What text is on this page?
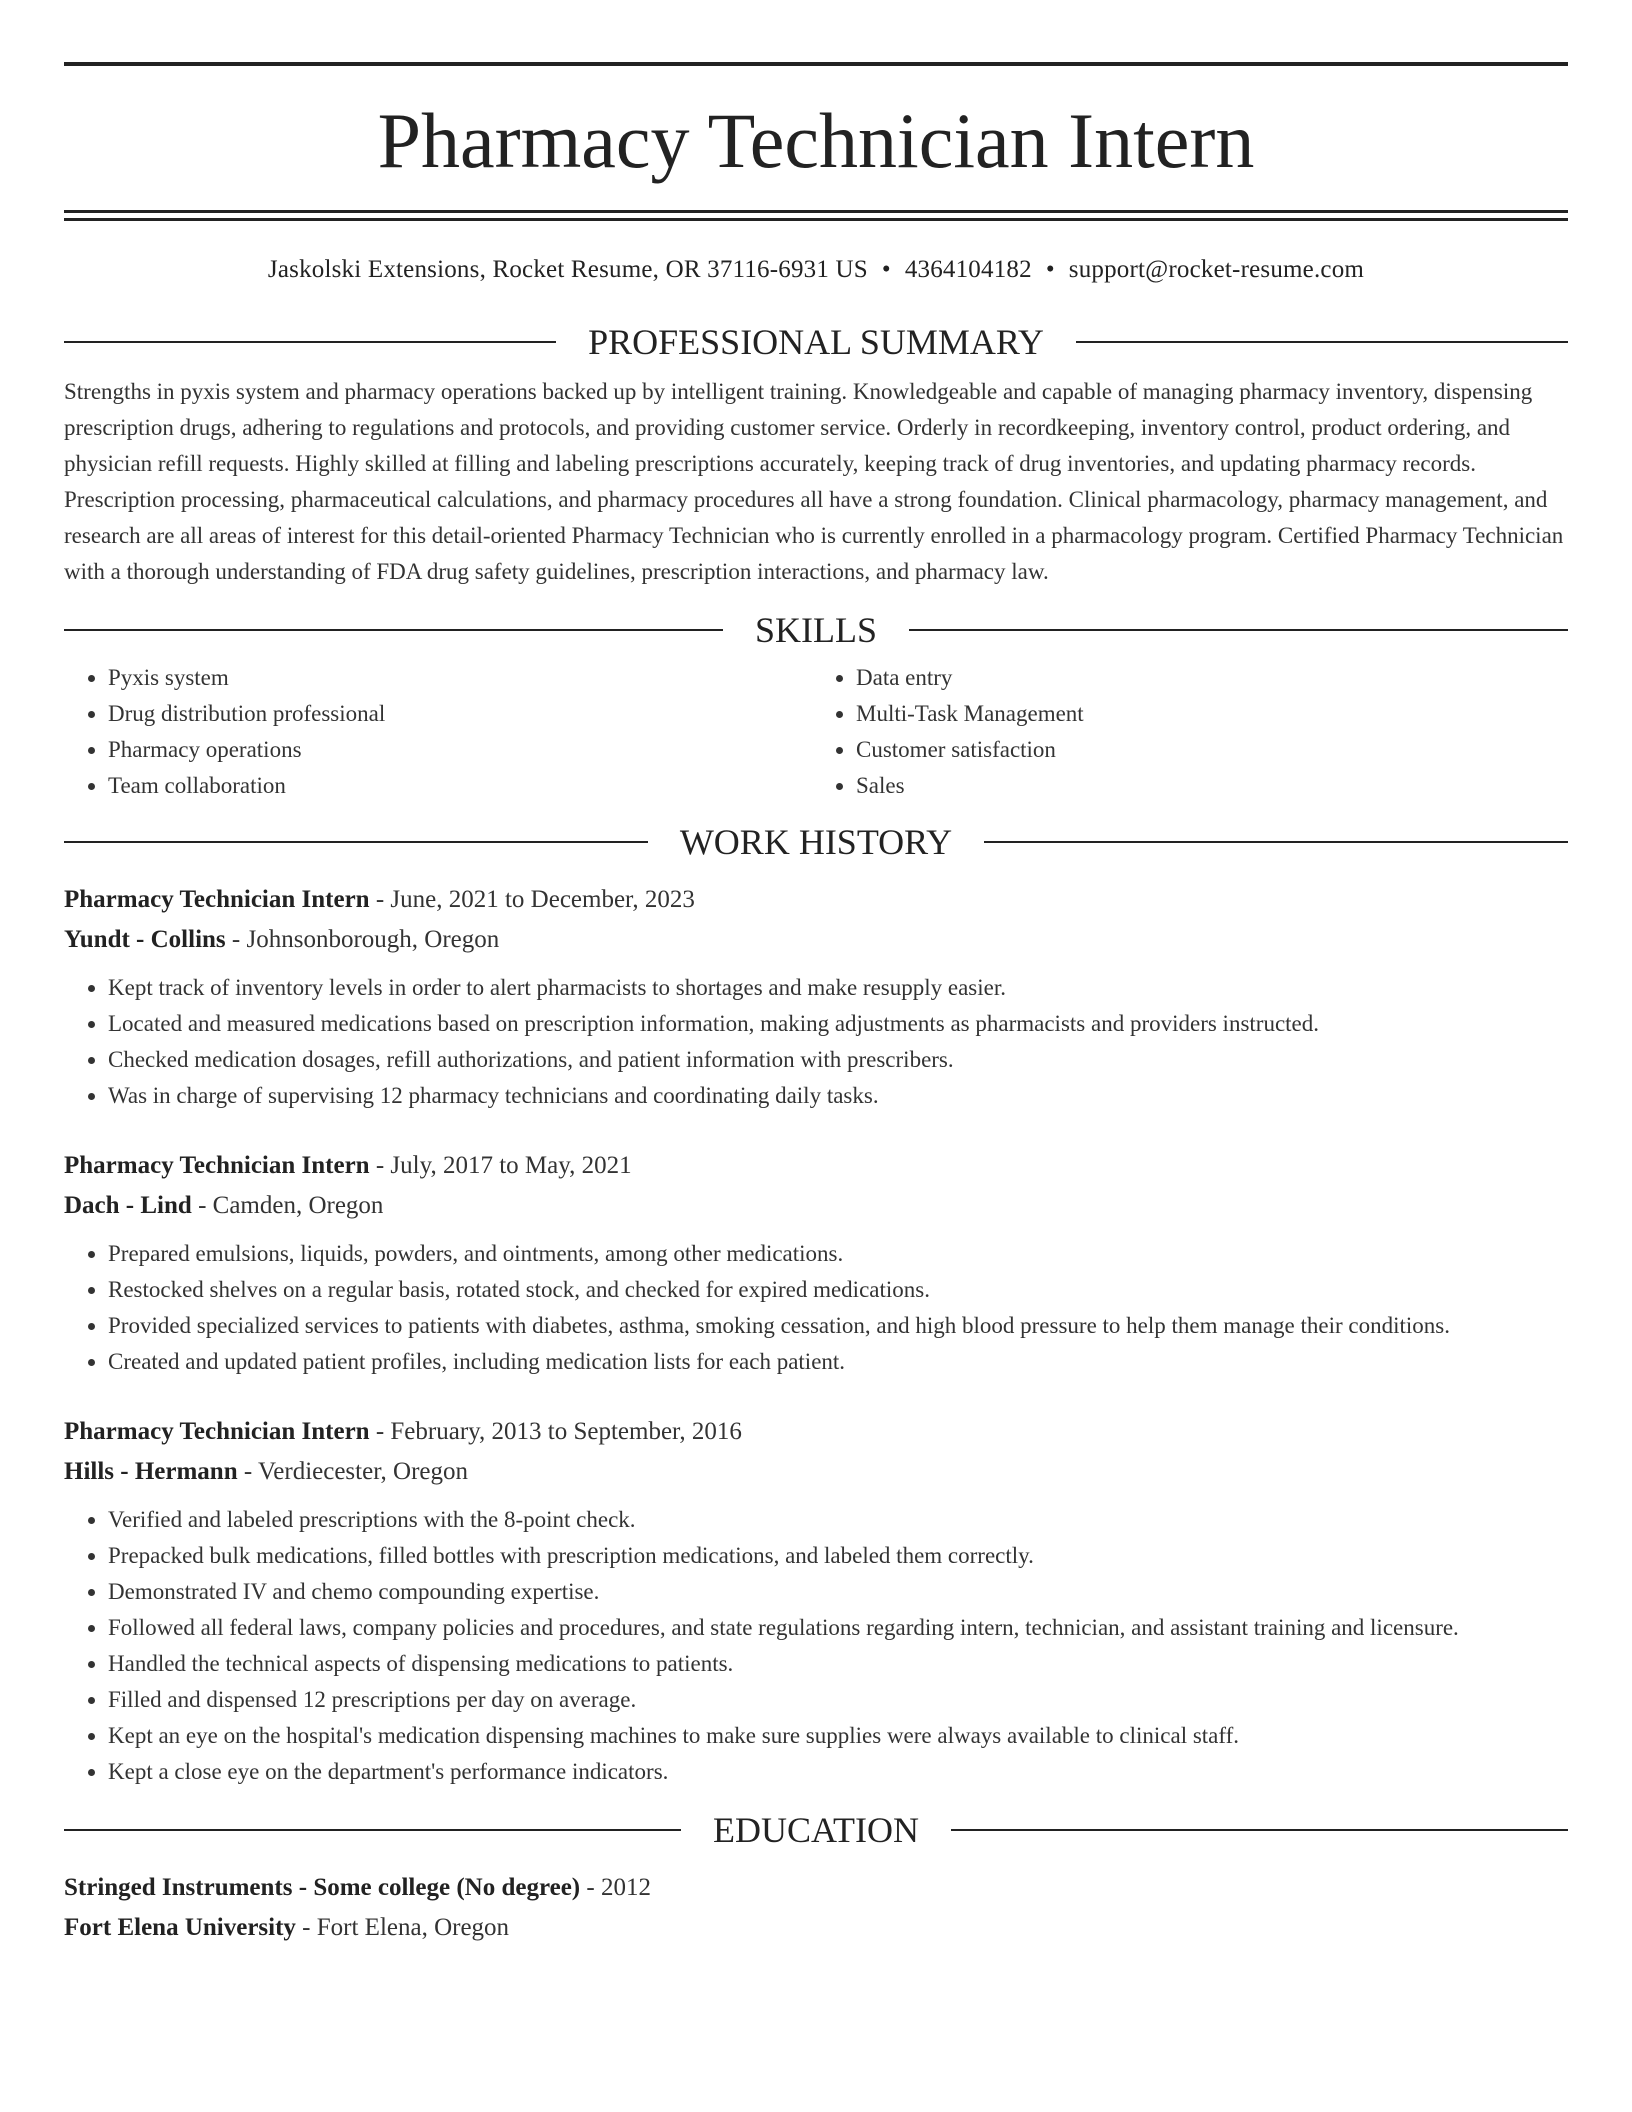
Pharmacy Technician Intern
Jaskolski Extensions, Rocket Resume, OR 37116-6931 US • 4364104182 • support@rocket-resume.com
PROFESSIONAL SUMMARY

Strengths in pyxis system and pharmacy operations backed up by intelligent training. Knowledgeable and capable of managing pharmacy inventory, dispensing prescription drugs, adhering to regulations and protocols, and providing customer service. Orderly in recordkeeping, inventory control, product ordering, and physician refill requests. Highly skilled at filling and labeling prescriptions accurately, keeping track of drug inventories, and updating pharmacy records. Prescription processing, pharmaceutical calculations, and pharmacy procedures all have a strong foundation. Clinical pharmacology, pharmacy management, and research are all areas of interest for this detail-oriented Pharmacy Technician who is currently enrolled in a pharmacology program. Certified Pharmacy Technician with a thorough understanding of FDA drug safety guidelines, prescription interactions, and pharmacy law.

SKILLS
• Pyxis system
• Drug distribution professional
• Pharmacy operations
• Team collaboration
• Data entry
• Multi-Task Management
• Customer satisfaction
• Sales
WORK HISTORY
Pharmacy Technician Intern - June, 2021 to December, 2023
Yundt - Collins - Johnsonborough, Oregon
• Kept track of inventory levels in order to alert pharmacists to shortages and make resupply easier.
• Located and measured medications based on prescription information, making adjustments as pharmacists and providers instructed.
• Checked medication dosages, refill authorizations, and patient information with prescribers.
• Was in charge of supervising 12 pharmacy technicians and coordinating daily tasks.
Pharmacy Technician Intern - July, 2017 to May, 2021
Dach - Lind - Camden, Oregon
• Prepared emulsions, liquids, powders, and ointments, among other medications.
• Restocked shelves on a regular basis, rotated stock, and checked for expired medications.
• Provided specialized services to patients with diabetes, asthma, smoking cessation, and high blood pressure to help them manage their conditions.
• Created and updated patient profiles, including medication lists for each patient.
Pharmacy Technician Intern - February, 2013 to September, 2016
Hills - Hermann - Verdiecester, Oregon
• Verified and labeled prescriptions with the 8-point check.
• Prepacked bulk medications, filled bottles with prescription medications, and labeled them correctly.
• Demonstrated IV and chemo compounding expertise.
• Followed all federal laws, company policies and procedures, and state regulations regarding intern, technician, and assistant training and licensure.
• Handled the technical aspects of dispensing medications to patients.
• Filled and dispensed 12 prescriptions per day on average.
• Kept an eye on the hospital's medication dispensing machines to make sure supplies were always available to clinical staff.
• Kept a close eye on the department's performance indicators.
EDUCATION
Stringed Instruments - Some college (No degree) - 2012
Fort Elena University - Fort Elena, Oregon
